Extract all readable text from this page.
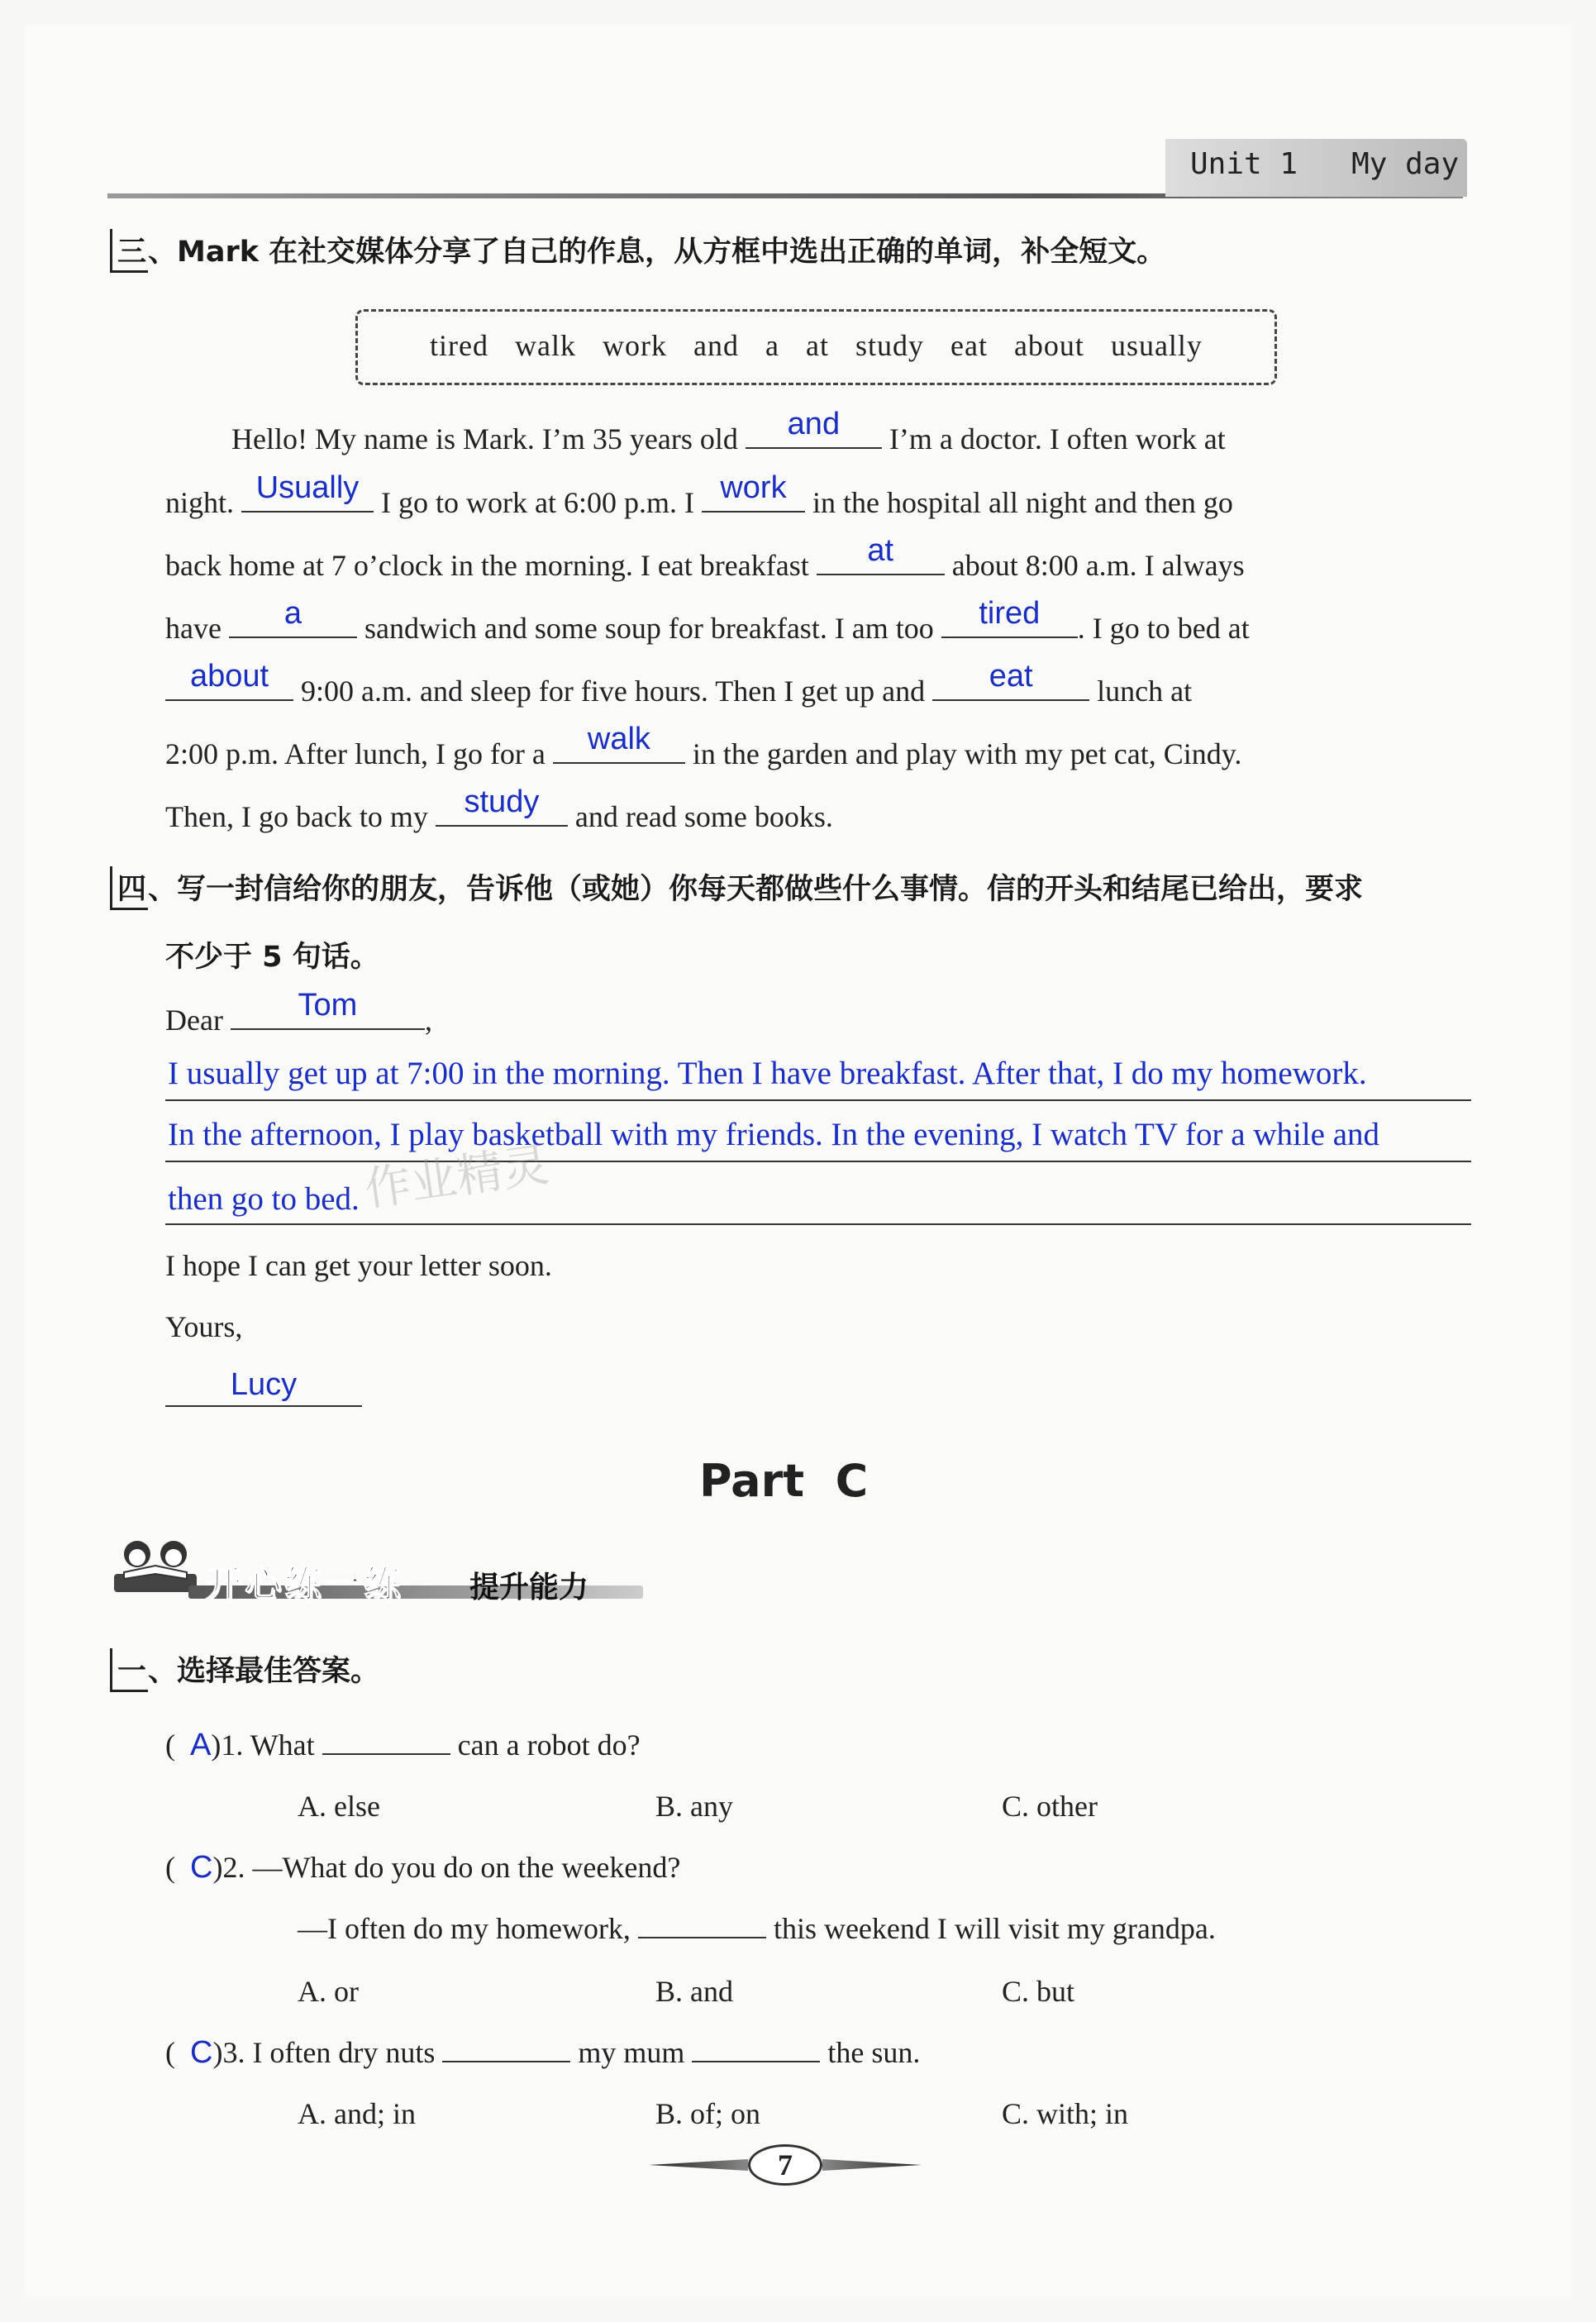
Unit 1 My day
三、Mark 在社交媒体分享了自己的作息，从方框中选出正确的单词，补全短文。
tired walk work and a at study eat about usually
Hello! My name is Mark. I’m 35 years old	and	I’m a doctor. I often work at
night. Usually I go to work at 6:00 p.m. I work in the hospital all night and then go
back home at 7 o’clock in the morning. I eat breakfast	at	about 8:00 a.m. I always
have	a	sandwich and some soup for breakfast. I am too	tired	. I go to bed at
about	9:00 a.m. and sleep for five hours. Then I get up and	eat	lunch at
2:00 p.m. After lunch, I go for a	walk	in the garden and play with my pet cat, Cindy.
Then, I go back to my	study	and read some books.
四、写一封信给你的朋友，告诉他（或她）你每天都做些什么事情。信的开头和结尾已给出，要求
不少于 5 句话。
Dear	Tom	,
I usually get up at 7:00 in the morning. Then I have breakfast. After that, I do my homework.
In the afternoon, I play basketball with my friends. In the evening, I watch TV for a while and
then go to bed.
I hope I can get your letter soon.
Yours,
Lucy
Part  C
开心练一练 提升能力
一、选择最佳答案。
(  A)1. What	can a robot do?
A. else	B. any	C. other
(  C)2. —What do you do on the weekend?
—I often do my homework,	this weekend I will visit my grandpa.
A. or	B. and	C. but
(  C)3. I often dry nuts	my mum	the sun.
A. and; in	B. of; on	C. with; in
7
作业精灵
